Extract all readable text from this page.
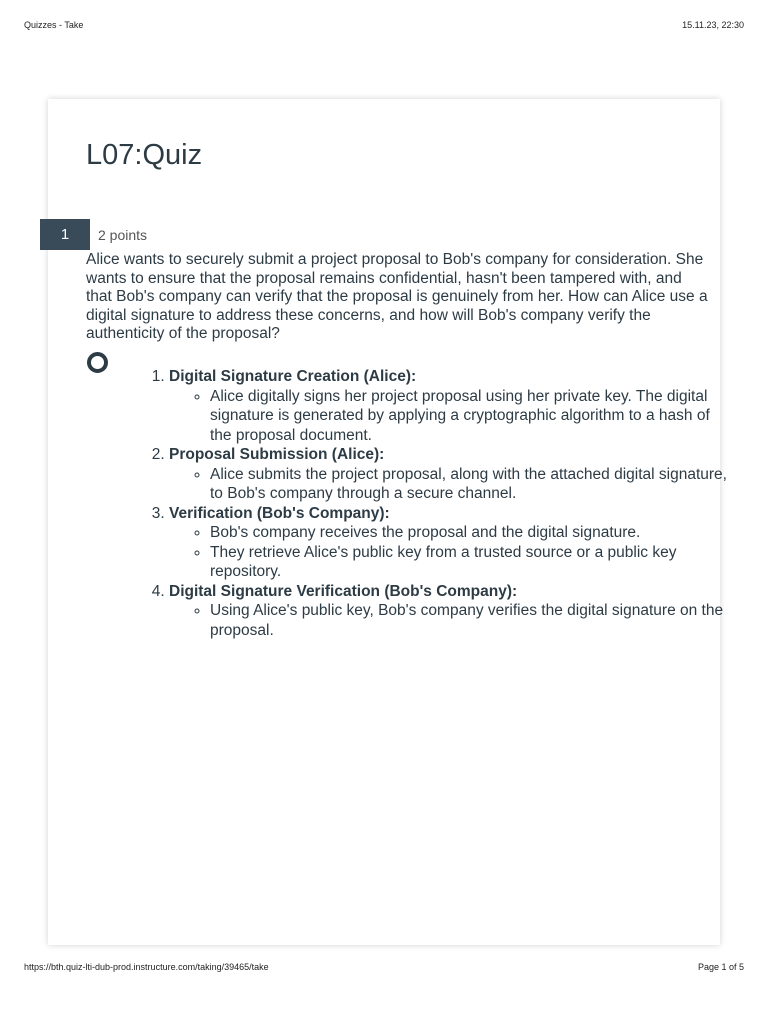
Quizzes - Take	15.11.23, 22:30
L07:Quiz
1	2 points

Alice wants to securely submit a project proposal to Bob's company for consideration. She wants to ensure that the proposal remains confidential, hasn't been tampered with, and that Bob's company can verify that the proposal is genuinely from her. How can Alice use a digital signature to address these concerns, and how will Bob's company verify the authenticity of the proposal?

1. Digital Signature Creation (Alice):
◦ Alice digitally signs her project proposal using her private key. The digital signature is generated by applying a cryptographic algorithm to a hash of the proposal document.
2. Proposal Submission (Alice):
◦ Alice submits the project proposal, along with the attached digital signature, to Bob's company through a secure channel.
3. Verification (Bob's Company):
◦ Bob's company receives the proposal and the digital signature.
◦ They retrieve Alice's public key from a trusted source or a public key repository.
4. Digital Signature Verification (Bob's Company):
◦ Using Alice's public key, Bob's company verifies the digital signature on the proposal.
https://bth.quiz-lti-dub-prod.instructure.com/taking/39465/take	Page 1 of 5
